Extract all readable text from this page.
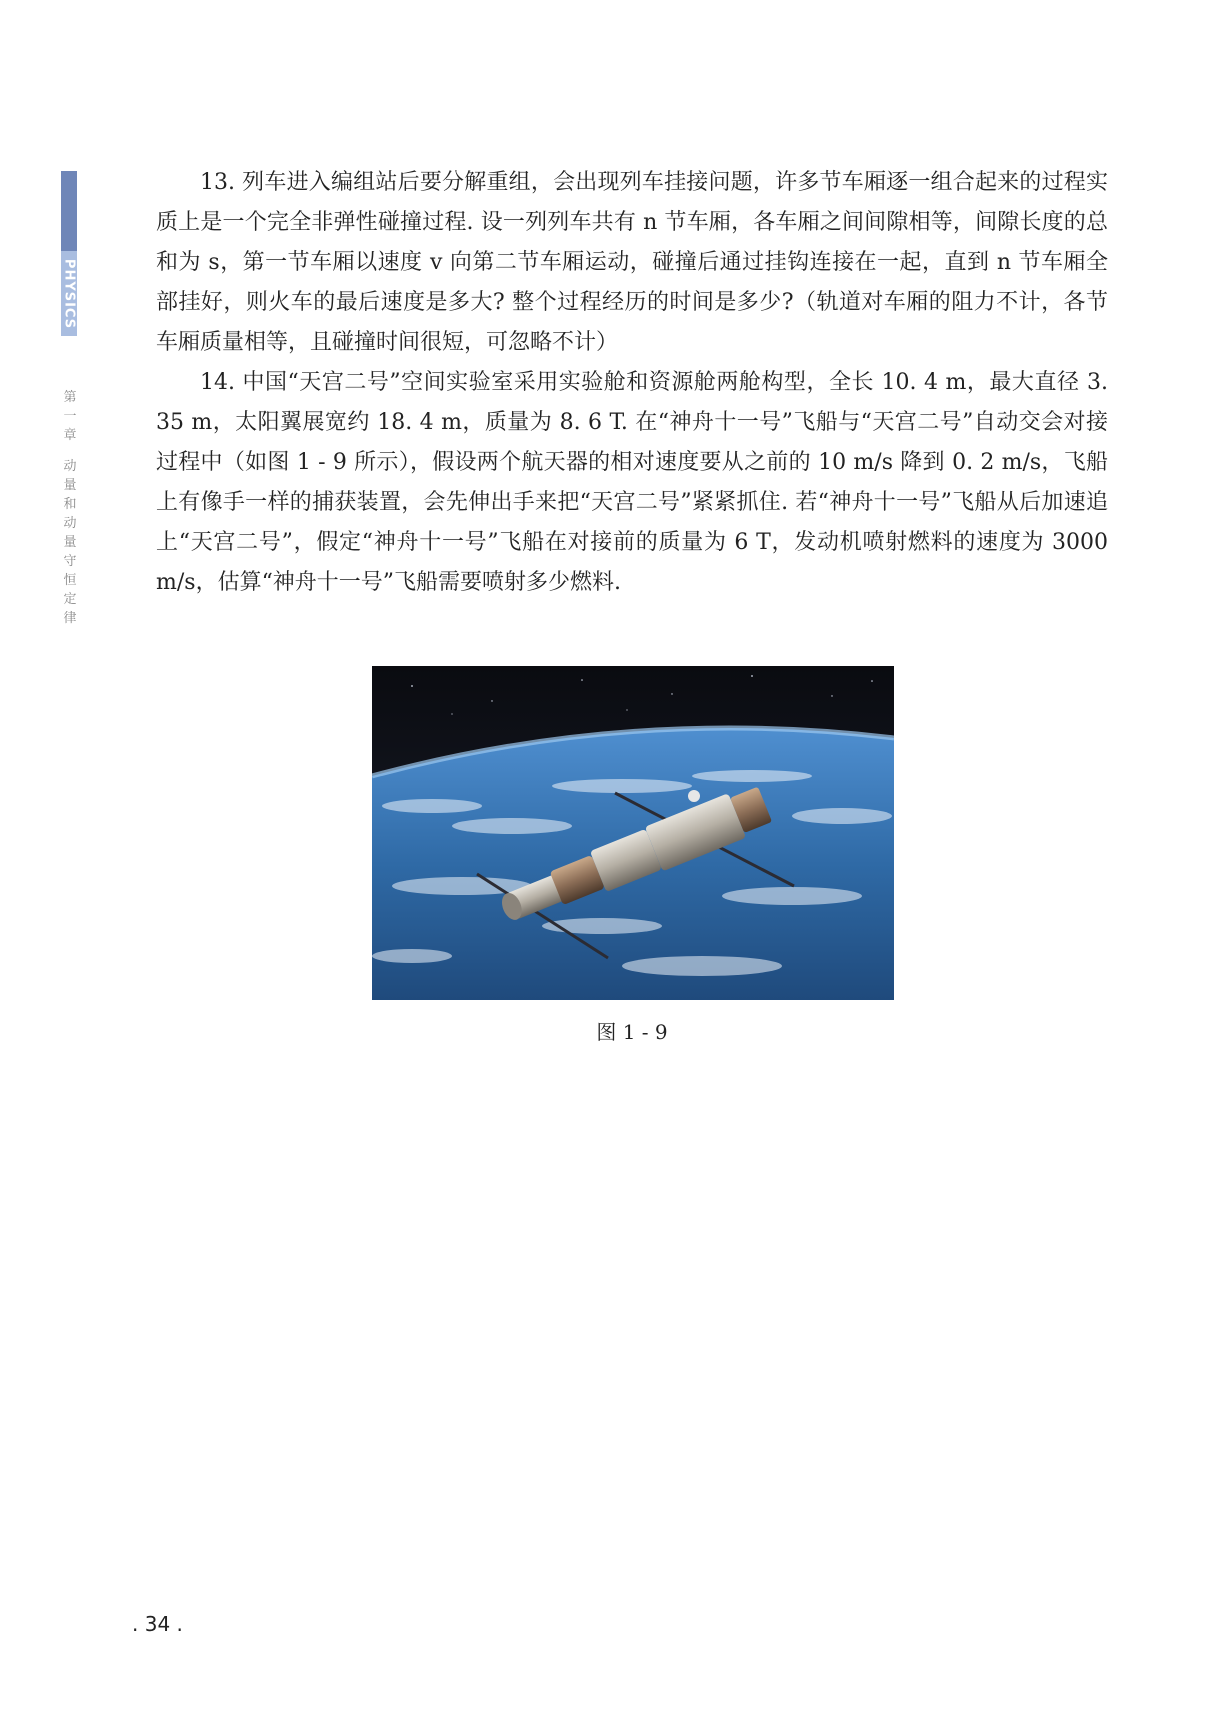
PHYSICS
第一章
动量和动量守恒定律

13. 列车进入编组站后要分解重组，会出现列车挂接问题，许多节车厢逐一组合起来的过程实质上是一个完全非弹性碰撞过程. 设一列列车共有 n 节车厢，各车厢之间间隙相等，间隙长度的总和为 s，第一节车厢以速度 v 向第二节车厢运动，碰撞后通过挂钩连接在一起，直到 n 节车厢全部挂好，则火车的最后速度是多大? 整个过程经历的时间是多少?（轨道对车厢的阻力不计，各节车厢质量相等，且碰撞时间很短，可忽略不计）

14. 中国“天宫二号”空间实验室采用实验舱和资源舱两舱构型，全长 10. 4 m，最大直径 3. 35 m，太阳翼展宽约 18. 4 m，质量为 8. 6 T. 在“神舟十一号”飞船与“天宫二号”自动交会对接过程中（如图 1 - 9 所示），假设两个航天器的相对速度要从之前的 10 m/s 降到 0. 2 m/s，飞船上有像手一样的捕获装置，会先伸出手来把“天宫二号”紧紧抓住. 若“神舟十一号”飞船从后加速追上“天宫二号”，假定“神舟十一号”飞船在对接前的质量为 6 T，发动机喷射燃料的速度为 3000 m/s，估算“神舟十一号”飞船需要喷射多少燃料.

图 1 - 9
. 34 .
